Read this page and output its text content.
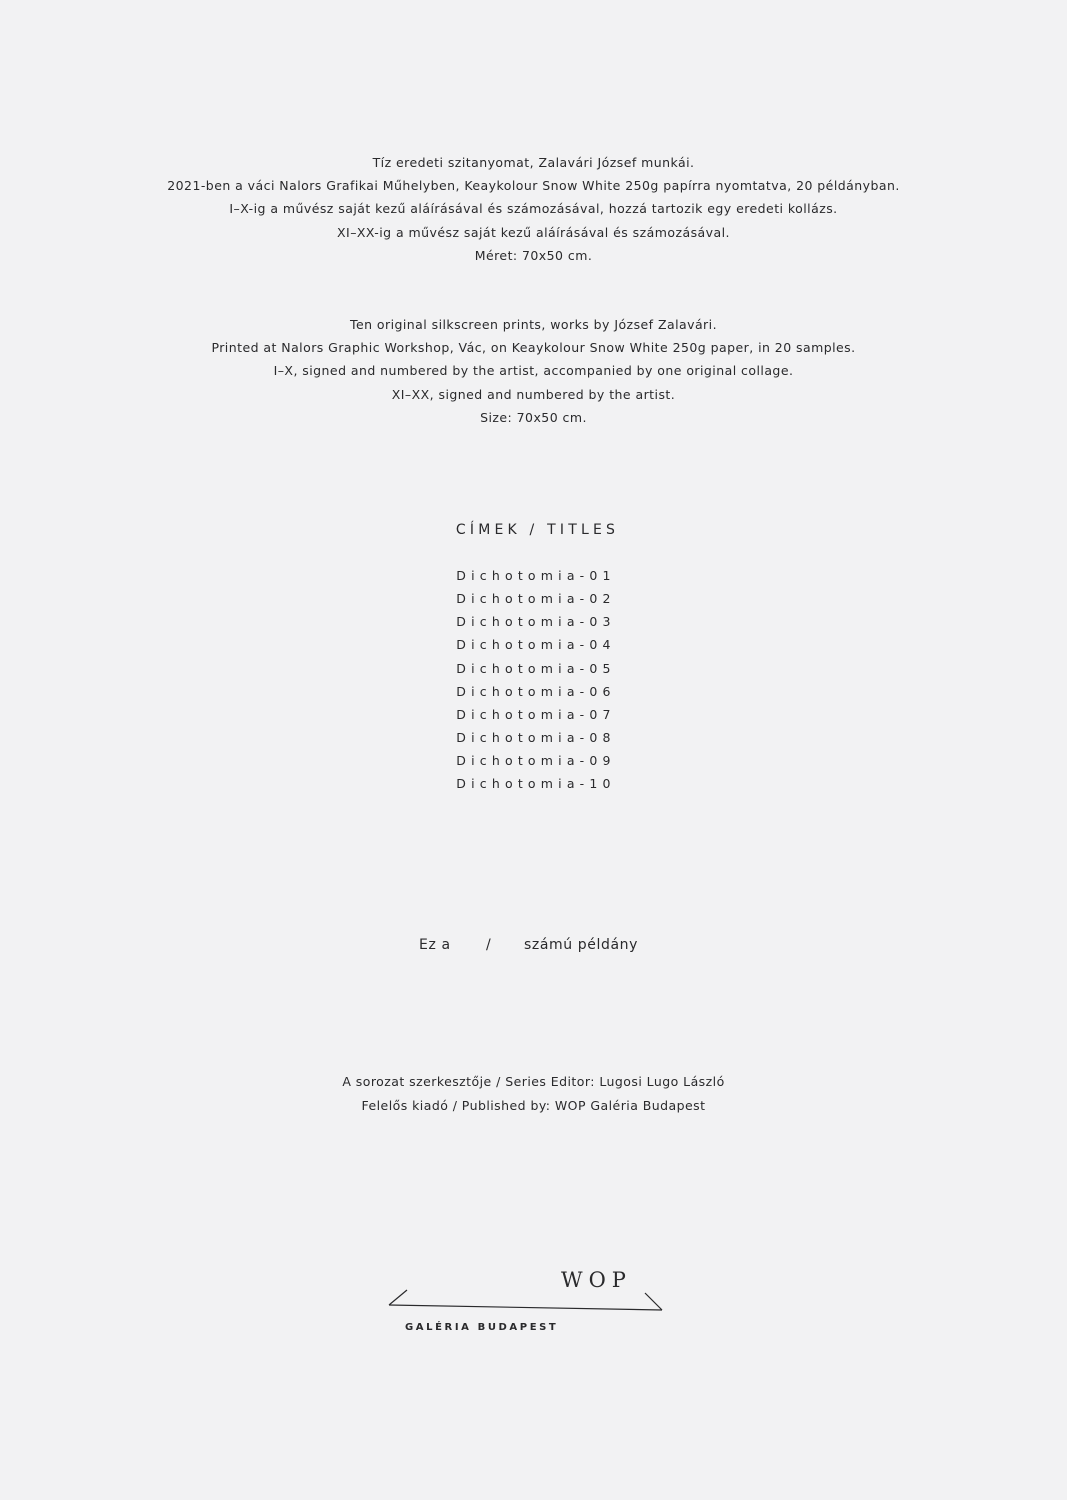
Tíz eredeti szitanyomat, Zalavári József munkái.
2021-ben a váci Nalors Grafikai Műhelyben, Keaykolour Snow White 250g papírra nyomtatva, 20 példányban.
I–X-ig a művész saját kezű aláírásával és számozásával, hozzá tartozik egy eredeti kollázs.
XI–XX-ig a művész saját kezű aláírásával és számozásával.
Méret: 70x50 cm.
Ten original silkscreen prints, works by József Zalavári.
Printed at Nalors Graphic Workshop, Vác, on Keaykolour Snow White 250g paper, in 20 samples.
I–X, signed and numbered by the artist, accompanied by one original collage.
XI–XX, signed and numbered by the artist.
Size: 70x50 cm.
CÍMEK / TITLES
Dichotomia-01
Dichotomia-02
Dichotomia-03
Dichotomia-04
Dichotomia-05
Dichotomia-06
Dichotomia-07
Dichotomia-08
Dichotomia-09
Dichotomia-10
Ez a	/ számú példány
A sorozat szerkesztője / Series Editor: Lugosi Lugo László
Felelős kiadó / Published by: WOP Galéria Budapest
WOP
GALÉRIA BUDAPEST
